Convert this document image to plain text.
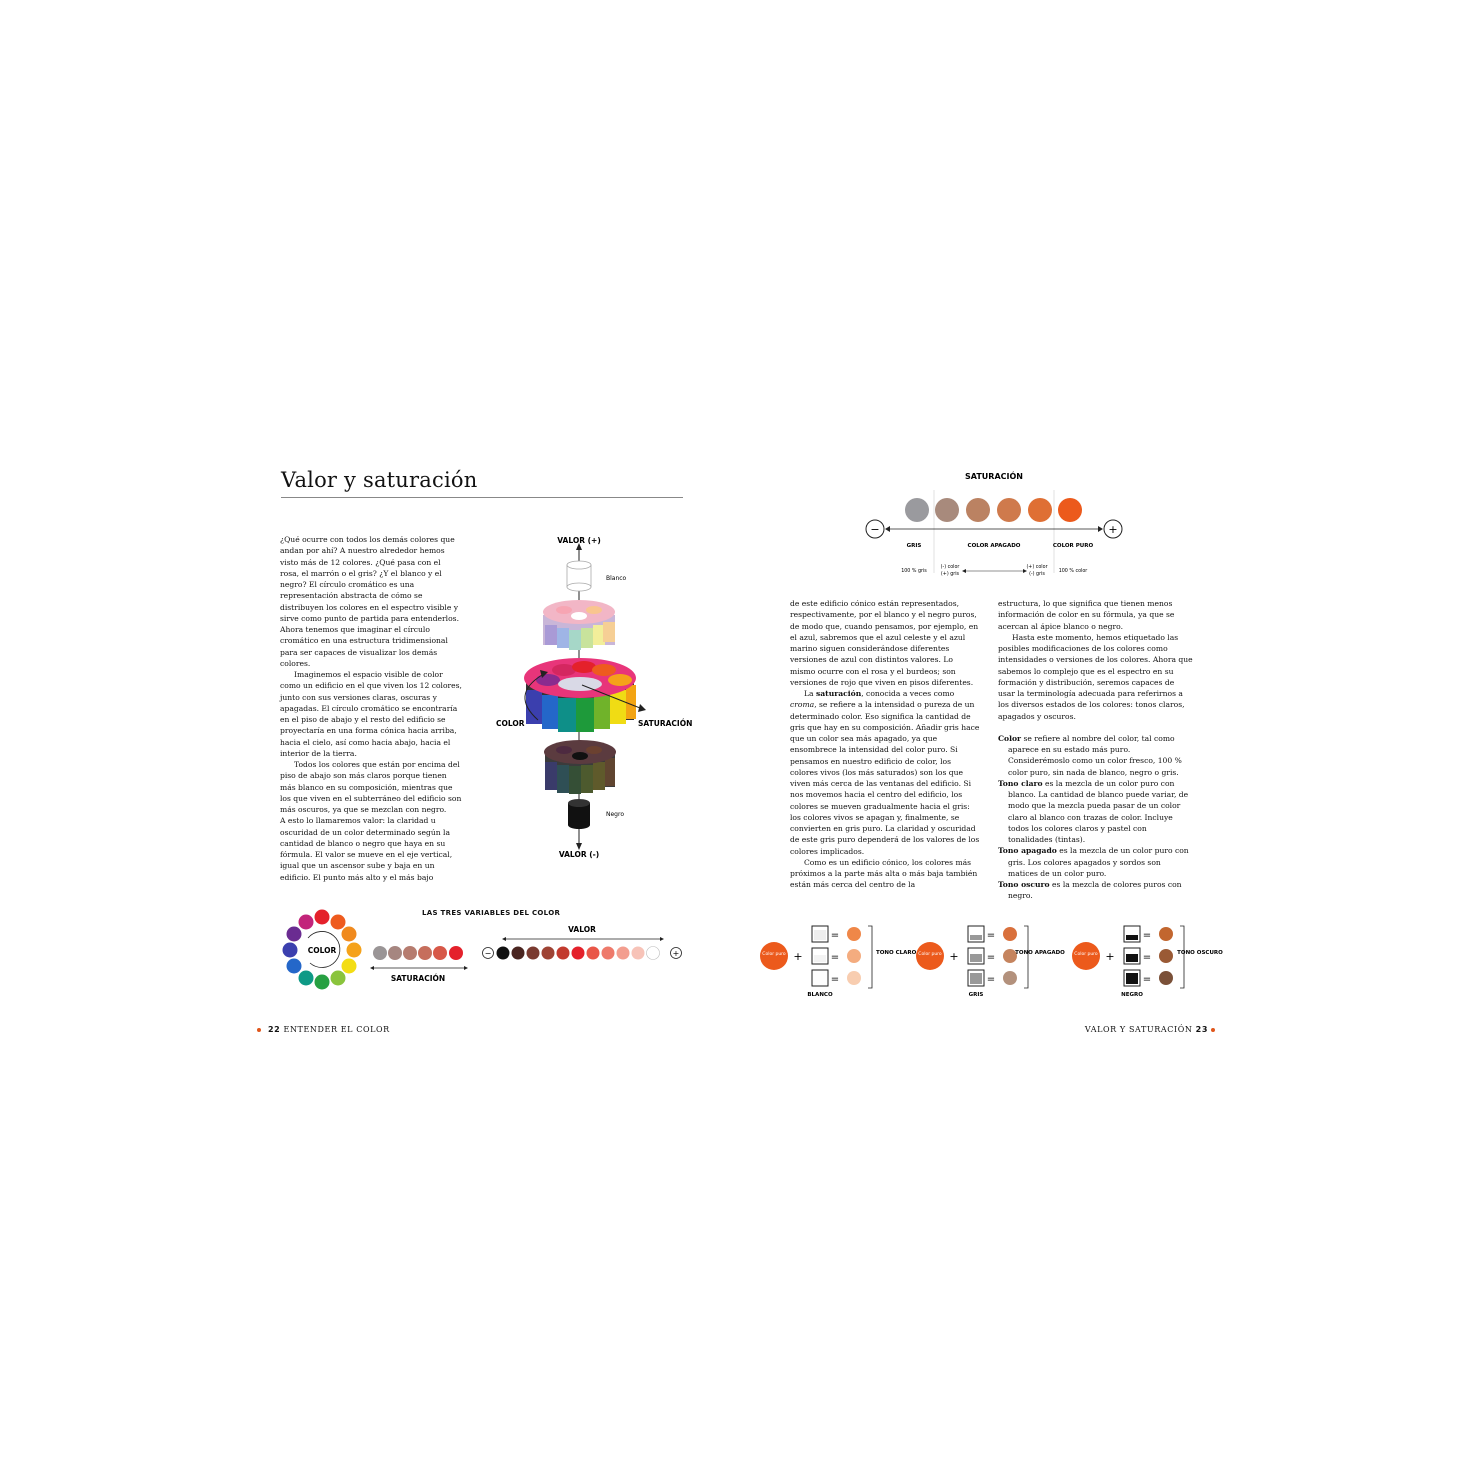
Valor y saturación

¿Qué ocurre con todos los demás colores que andan por ahí? A nuestro alrededor hemos visto más de 12 colores. ¿Qué pasa con el rosa, el marrón o el gris? ¿Y el blanco y el negro? El círculo cromático es una representación abstracta de cómo se distribuyen los colores en el espectro visible y sirve como punto de partida para entenderlos. Ahora tenemos que imaginar el círculo cromático en una estructura tridimensional para ser capaces de visualizar los demás colores.

Imaginemos el espacio visible de color como un edificio en el que viven los 12 colores, junto con sus versiones claras, oscuras y apagadas. El círculo cromático se encontraría en el piso de abajo y el resto del edificio se proyectaría en una forma cónica hacia arriba, hacia el cielo, así como hacia abajo, hacia el interior de la tierra.

Todos los colores que están por encima del piso de abajo son más claros porque tienen más blanco en su composición, mientras que los que viven en el subterráneo del edificio son más oscuros, ya que se mezclan con negro.

A esto lo llamaremos valor: la claridad u oscuridad de un color determinado según la cantidad de blanco o negro que haya en su fórmula. El valor se mueve en el eje vertical, igual que un ascensor sube y baja en un edificio. El punto más alto y el más bajo

VALOR (+)
VALOR (-)
Blanco
COLOR	SATURACIÓN
Negro
LAS TRES VARIABLES DEL COLOR
COLOR
SATURACIÓN
VALOR
−	+
22 ENTENDER EL COLOR
SATURACIÓN
−	+
GRIS	COLOR APAGADO	COLOR PURO
100 % gris
(-) color
(+) gris
(+) color
(-) gris
100 % color

de este edificio cónico están representados, respectivamente, por el blanco y el negro puros, de modo que, cuando pensamos, por ejemplo, en el azul, sabremos que el azul celeste y el azul marino siguen considerándose diferentes versiones de azul con distintos valores. Lo mismo ocurre con el rosa y el burdeos; son versiones de rojo que viven en pisos diferentes.

La saturación, conocida a veces como croma, se refiere a la intensidad o pureza de un determinado color. Eso significa la cantidad de gris que hay en su composición. Añadir gris hace que un color sea más apagado, ya que ensombrece la intensidad del color puro. Si pensamos en nuestro edificio de color, los colores vivos (los más saturados) son los que viven más cerca de las ventanas del edificio. Si nos movemos hacia el centro del edificio, los colores se mueven gradualmente hacia el gris: los colores vivos se apagan y, finalmente, se convierten en gris puro. La claridad y oscuridad de este gris puro dependerá de los valores de los colores implicados.

Como es un edificio cónico, los colores más próximos a la parte más alta o más baja también están más cerca del centro de la

estructura, lo que significa que tienen menos información de color en su fórmula, ya que se acercan al ápice blanco o negro.

Hasta este momento, hemos etiquetado las posibles modificaciones de los colores como intensidades o versiones de los colores. Ahora que sabemos lo complejo que es el espectro en su formación y distribución, seremos capaces de usar la terminología adecuada para referirnos a los diversos estados de los colores: tonos claros, apagados y oscuros.

Color se refiere al nombre del color, tal como aparece en su estado más puro. Considerémoslo como un color fresco, 100 % color puro, sin nada de blanco, negro o gris.

Tono claro es la mezcla de un color puro con blanco. La cantidad de blanco puede variar, de modo que la mezcla pueda pasar de un color claro al blanco con trazas de color. Incluye todos los colores claros y pastel con tonalidades (tintas).

Tono apagado es la mezcla de un color puro con gris. Los colores apagados y sordos son matices de un color puro.

Tono oscuro es la mezcla de colores puros con negro.

Color puro +
=
=
=
TONO CLARO
BLANCO
Color puro +
=
=
=
TONO APAGADO
GRIS
Color puro +
=
=
=
TONO OSCURO
NEGRO
VALOR Y SATURACIÓN 23
